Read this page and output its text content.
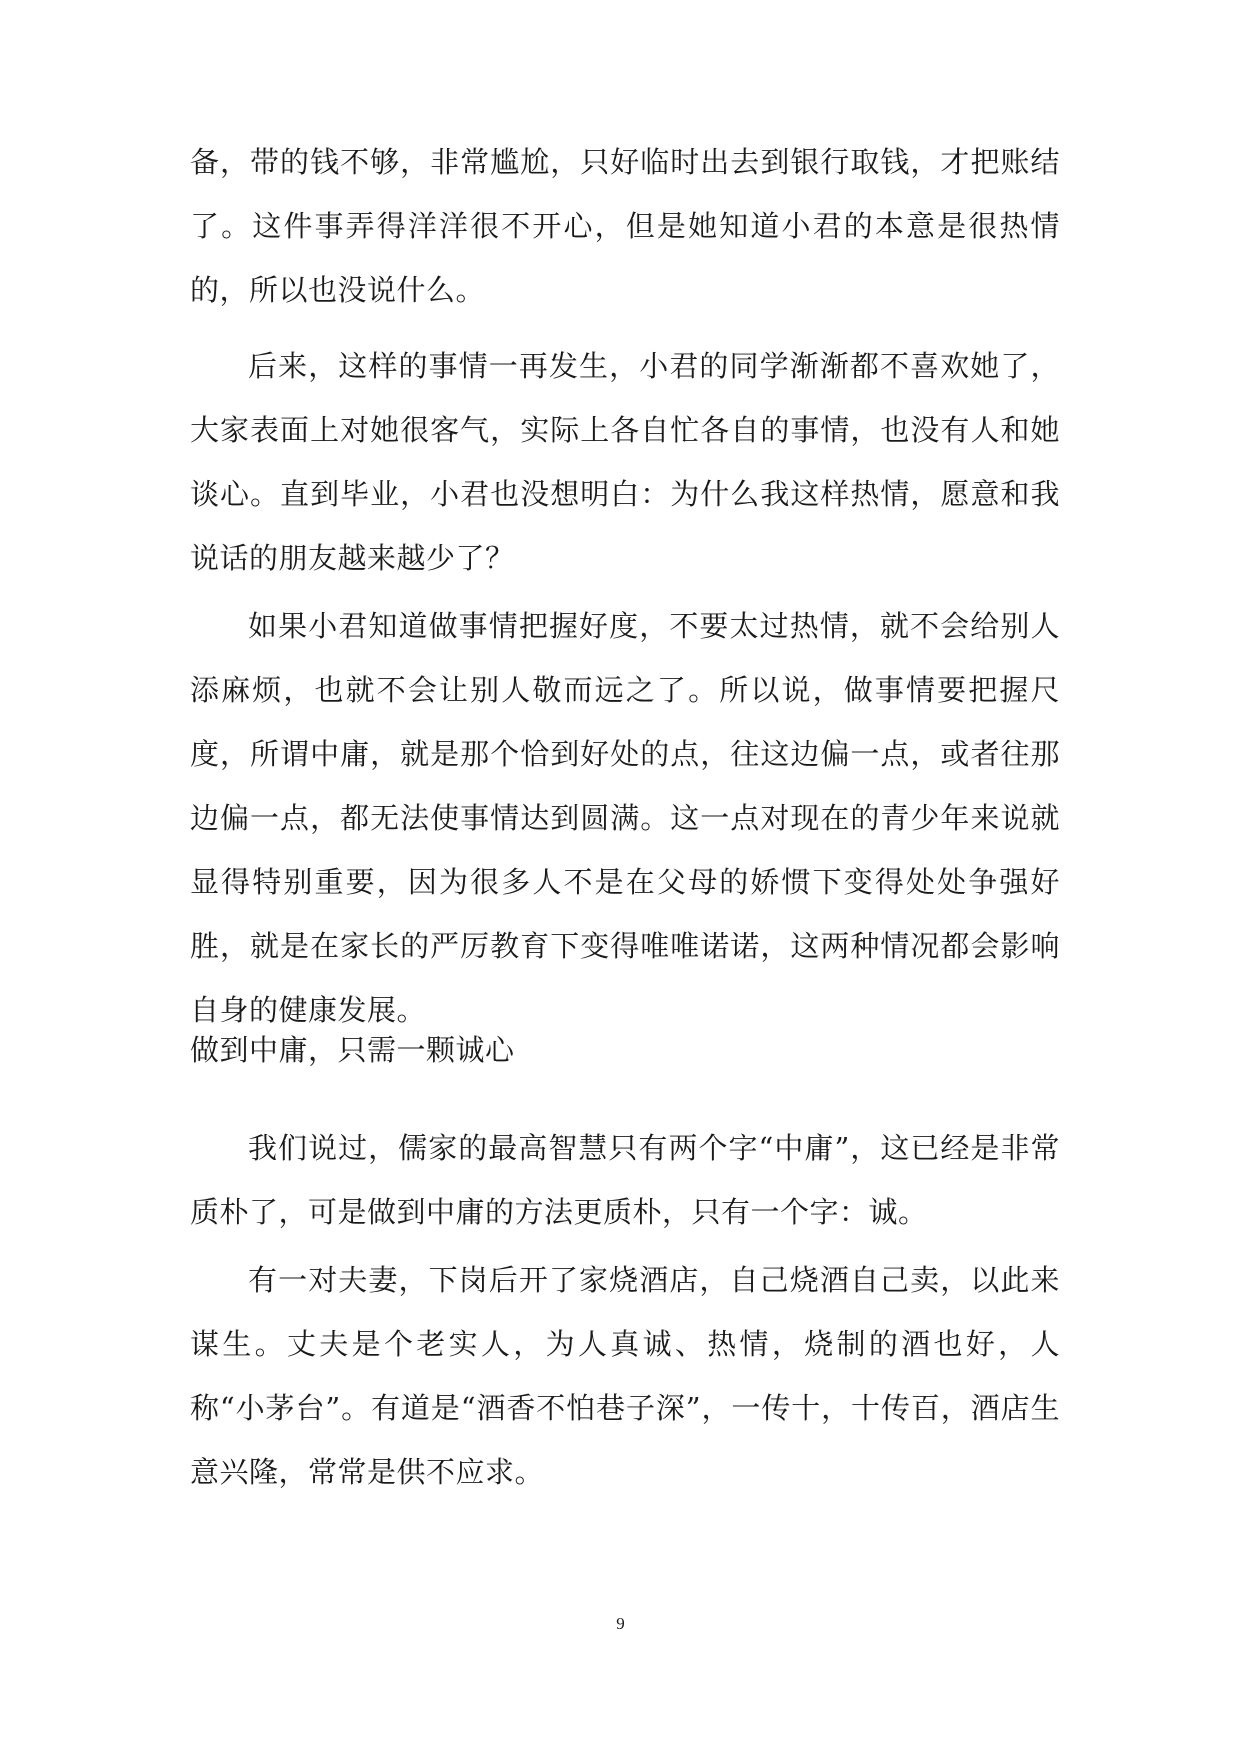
备，带的钱不够，非常尴尬，只好临时出去到银行取钱，才把账结了。这件事弄得洋洋很不开心，但是她知道小君的本意是很热情的，所以也没说什么。

后来，这样的事情一再发生，小君的同学渐渐都不喜欢她了，大家表面上对她很客气，实际上各自忙各自的事情，也没有人和她谈心。直到毕业，小君也没想明白：为什么我这样热情，愿意和我说话的朋友越来越少了？

如果小君知道做事情把握好度，不要太过热情，就不会给别人添麻烦，也就不会让别人敬而远之了。所以说，做事情要把握尺度，所谓中庸，就是那个恰到好处的点，往这边偏一点，或者往那边偏一点，都无法使事情达到圆满。这一点对现在的青少年来说就显得特别重要，因为很多人不是在父母的娇惯下变得处处争强好胜，就是在家长的严厉教育下变得唯唯诺诺，这两种情况都会影响自身的健康发展。

做到中庸，只需一颗诚心

我们说过，儒家的最高智慧只有两个字“中庸”，这已经是非常质朴了，可是做到中庸的方法更质朴，只有一个字：诚。

有一对夫妻，下岗后开了家烧酒店，自己烧酒自己卖，以此来谋生。丈夫是个老实人，为人真诚、热情，烧制的酒也好，人称“小茅台”。有道是“酒香不怕巷子深”，一传十，十传百，酒店生意兴隆，常常是供不应求。

9
